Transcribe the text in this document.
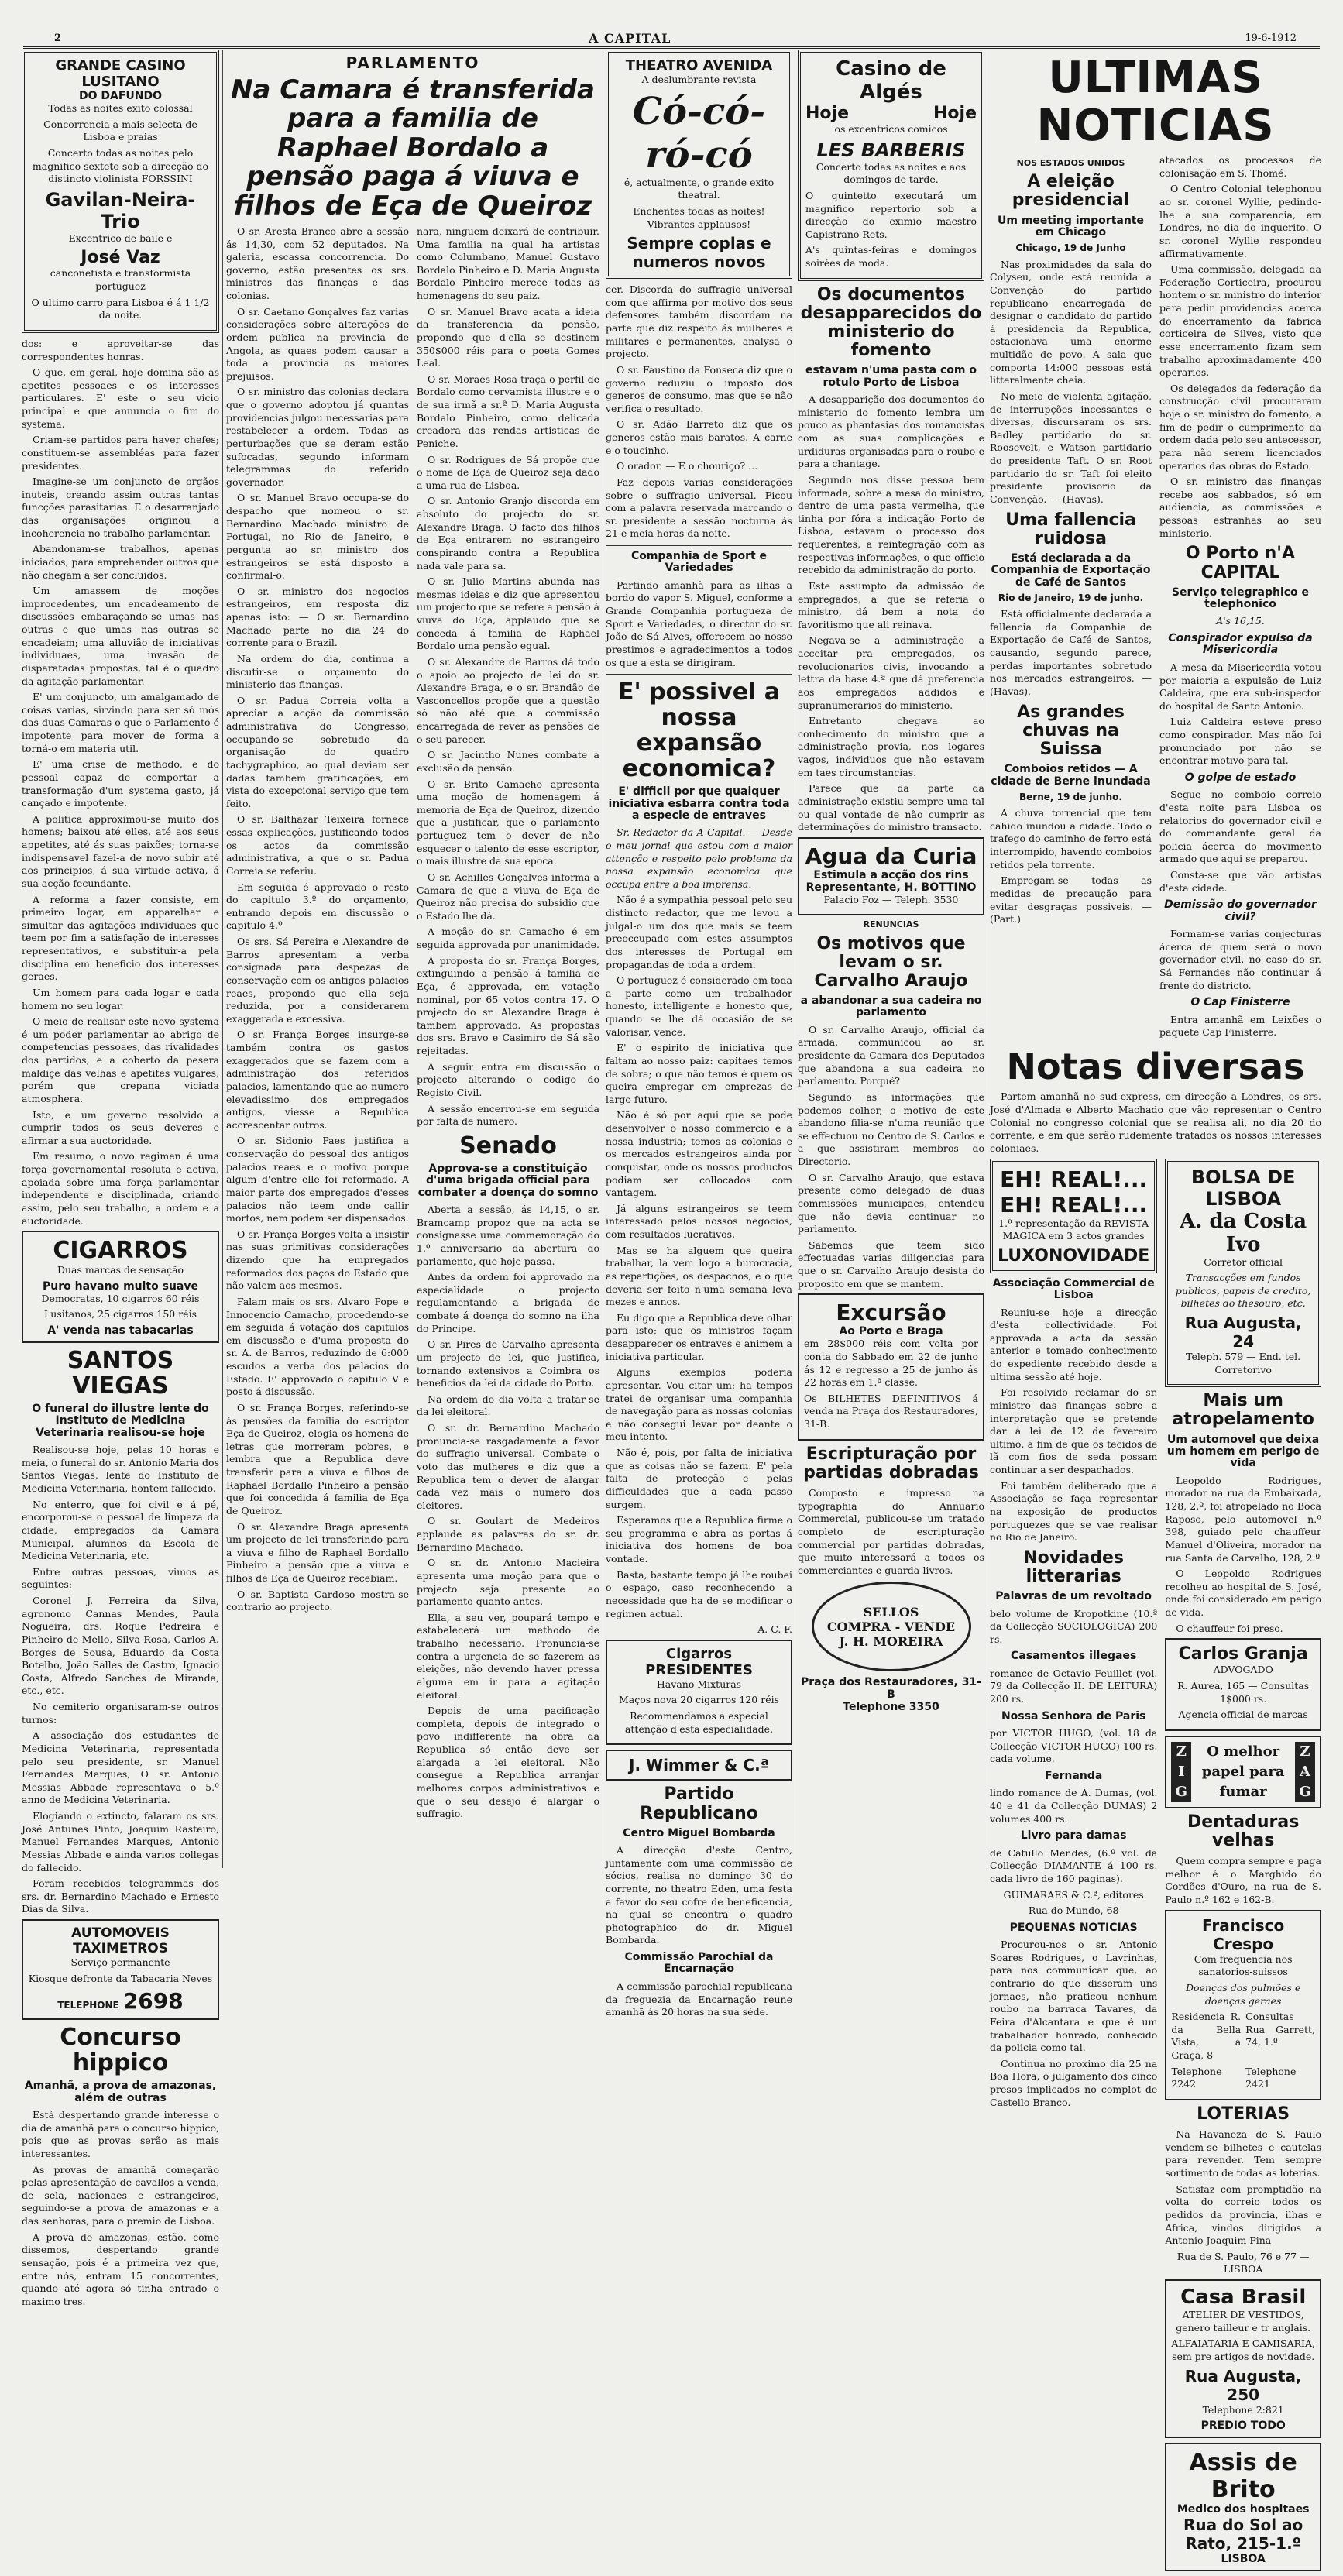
2	A CAPITAL	19-6-1912
GRANDE CASINO LUSITANO
DO DAFUNDO
Todas as noites exito colossal
Concorrencia a mais selecta de Lisboa e praias
Concerto todas as noites pelo magnifico sexteto sob a direcção do distincto violinista FORSSINI
Gavilan-Neira-Trio
Excentrico de baile e
José Vaz
canconetista e transformista portuguez
O ultimo carro para Lisboa é á 1 1/2 da noite.

dos: e aproveitar-se das correspondentes honras.

O que, em geral, hoje domina são as apetites pessoaes e os interesses particulares. E' este o seu vicio principal e que annuncia o fim do systema.

Criam-se partidos para haver chefes; constituem-se assembléas para fazer presidentes.

Imagine-se um conjuncto de orgãos inuteis, creando assim outras tantas funcções parasitarias. E o desarranjado das organisações originou a incoherencia no trabalho parlamentar.

Abandonam-se trabalhos, apenas iniciados, para emprehender outros que não chegam a ser concluidos.

Um amassem de moções improcedentes, um encadeamento de discussões embaraçando-se umas nas outras e que umas nas outras se encadeiam; uma alluvião de iniciativas individuaes, uma invasão de disparatadas propostas, tal é o quadro da agitação parlamentar.

E' um conjuncto, um amalgamado de coisas varias, sirvindo para ser só mós das duas Camaras o que o Parlamento é impotente para mover de forma a torná-o em materia util.

E' uma crise de methodo, e do pessoal capaz de comportar a transformação d'um systema gasto, já cançado e impotente.

A politica approximou-se muito dos homens; baixou até elles, até aos seus appetites, até ás suas paixões; torna-se indispensavel fazel-a de novo subir até aos principios, á sua virtude activa, á sua acção fecundante.

A reforma a fazer consiste, em primeiro logar, em apparelhar e simultar das agitações individuaes que teem por fim a satisfação de interesses representativos, e substituir-a pela disciplina em beneficio dos interesses geraes.

Um homem para cada logar e cada homem no seu logar.

O meio de realisar este novo systema é um poder parlamentar ao abrigo de competencias pessoaes, das rivalidades dos partidos, e a coberto da pesera maldiçe das velhas e apetites vulgares, porém que crepana viciada atmosphera.

Isto, e um governo resolvido a cumprir todos os seus deveres e afirmar a sua auctoridade.

Em resumo, o novo regimen é uma força governamental resoluta e activa, apoiada sobre uma força parlamentar independente e disciplinada, criando assim, pelo seu trabalho, a ordem e a auctoridade.

CIGARROS
Duas marcas de sensação
Puro havano muito suave
Democratas, 10 cigarros 60 réis
Lusitanos, 25 cigarros 150 réis
A' venda nas tabacarias
SANTOS VIEGAS
O funeral do illustre lente do Instituto de Medicina Veterinaria realisou-se hoje

Realisou-se hoje, pelas 10 horas e meia, o funeral do sr. Antonio Maria dos Santos Viegas, lente do Instituto de Medicina Veterinaria, hontem fallecido.

No enterro, que foi civil e á pé, encorporou-se o pessoal de limpeza da cidade, empregados da Camara Municipal, alumnos da Escola de Medicina Veterinaria, etc.

Entre outras pessoas, vimos as seguintes:

Coronel J. Ferreira da Silva, agronomo Cannas Mendes, Paula Nogueira, drs. Roque Pedreira e Pinheiro de Mello, Silva Rosa, Carlos A. Borges de Sousa, Eduardo da Costa Botelho, João Salles de Castro, Ignacio Costa, Alfredo Sanches de Miranda, etc., etc.

No cemiterio organisaram-se outros turnos:

A associação dos estudantes de Medicina Veterinaria, representada pelo seu presidente, sr. Manuel Fernandes Marques, O sr. Antonio Messias Abbade representava o 5.º anno de Medicina Veterinaria.

Elogiando o extincto, falaram os srs. José Antunes Pinto, Joaquim Rasteiro, Manuel Fernandes Marques, Antonio Messias Abbade e ainda varios collegas do fallecido.

Foram recebidos telegrammas dos srs. dr. Bernardino Machado e Ernesto Dias da Silva.

AUTOMOVEIS TAXIMETROS
Serviço permanente
Kiosque defronte da Tabacaria Neves
TELEPHONE 2698
Concurso hippico
Amanhã, a prova de amazonas, além de outras

Está despertando grande interesse o dia de amanhã para o concurso hippico, pois que as provas serão as mais interessantes.

As provas de amanhã começarão pelas apresentação de cavallos a venda, de sela, nacionaes e estrangeiros, seguindo-se a prova de amazonas e a das senhoras, para o premio de Lisboa.

A prova de amazonas, estão, como dissemos, despertando grande sensação, pois é a primeira vez que, entre nós, entram 15 concorrentes, quando até agora só tinha entrado o maximo tres.

PARLAMENTO
Na Camara é transferida para a familia de Raphael Bordalo a pensão paga á viuva e filhos de Eça de Queiroz

O sr. Aresta Branco abre a sessão ás 14,30, com 52 deputados. Na galeria, escassa concorrencia. Do governo, estão presentes os srs. ministros das finanças e das colonias.

O sr. Caetano Gonçalves faz varias considerações sobre alterações de ordem publica na provincia de Angola, as quaes podem causar a toda a provincia os maiores prejuisos.

O sr. ministro das colonias declara que o governo adoptou já quantas providencias julgou necessarias para restabelecer a ordem. Todas as perturbações que se deram estão sufocadas, segundo informam telegrammas do referido governador.

O sr. Manuel Bravo occupa-se do despacho que nomeou o sr. Bernardino Machado ministro de Portugal, no Rio de Janeiro, e pergunta ao sr. ministro dos estrangeiros se está disposto a confirmal-o.

O sr. ministro dos negocios estrangeiros, em resposta diz apenas isto: — O sr. Bernardino Machado parte no dia 24 do corrente para o Brazil.

Na ordem do dia, continua a discutir-se o orçamento do ministerio das finanças.

O sr. Padua Correia volta a apreciar a acção da commissão administrativa do Congresso, occupando-se sobretudo da organisação do quadro tachygraphico, ao qual deviam ser dadas tambem gratificações, em vista do excepcional serviço que tem feito.

O sr. Balthazar Teixeira fornece essas explicações, justificando todos os actos da commissão administrativa, a que o sr. Padua Correia se referiu.

Em seguida é approvado o resto do capitulo 3.º do orçamento, entrando depois em discussão o capitulo 4.º

Os srs. Sá Pereira e Alexandre de Barros apresentam a verba consignada para despezas de conservação com os antigos palacios reaes, propondo que ella seja reduzida, por a considerarem exaggerada e excessiva.

O sr. França Borges insurge-se também contra os gastos exaggerados que se fazem com a administração dos referidos palacios, lamentando que ao numero elevadissimo dos empregados antigos, viesse a Republica accrescentar outros.

O sr. Sidonio Paes justifica a conservação do pessoal dos antigos palacios reaes e o motivo porque algum d'entre elle foi reformado. A maior parte dos empregados d'esses palacios não teem onde callir mortos, nem podem ser dispensados.

O sr. França Borges volta a insistir nas suas primitivas considerações dizendo que ha empregados reformados dos paços do Estado que não valem aos mesmos.

Falam mais os srs. Alvaro Pope e Innocencio Camacho, procedendo-se em seguida á votação dos capitulos em discussão e d'uma proposta do sr. A. de Barros, reduzindo de 6:000 escudos a verba dos palacios do Estado. E' approvado o capitulo V e posto á discussão.

O sr. França Borges, referindo-se ás pensões da familia do escriptor Eça de Queiroz, elogia os homens de letras que morreram pobres, e lembra que a Republica deve transferir para a viuva e filhos de Raphael Bordallo Pinheiro a pensão que foi concedida á familia de Eça de Queiroz.

O sr. Alexandre Braga apresenta um projecto de lei transferindo para a viuva e filho de Raphael Bordallo Pinheiro a pensão que a viuva e filhos de Eça de Queiroz recebiam.

O sr. Baptista Cardoso mostra-se contrario ao projecto.

nara, ninguem deixará de contribuir. Uma familia na qual ha artistas como Columbano, Manuel Gustavo Bordalo Pinheiro e D. Maria Augusta Bordalo Pinheiro merece todas as homenagens do seu paiz.

O sr. Manuel Bravo acata a ideia da transferencia da pensão, propondo que d'ella se destinem 350$000 réis para o poeta Gomes Leal.

O sr. Moraes Rosa traça o perfil de Bordalo como cervamista illustre e o de sua irmã a sr.ª D. Maria Augusta Bordalo Pinheiro, como delicada creadora das rendas artisticas de Peniche.

O sr. Rodrigues de Sá propõe que o nome de Eça de Queiroz seja dado a uma rua de Lisboa.

O sr. Antonio Granjo discorda em absoluto do projecto do sr. Alexandre Braga. O facto dos filhos de Eça entrarem no estrangeiro conspirando contra a Republica nada vale para sa.

O sr. Julio Martins abunda nas mesmas ideias e diz que apresentou um projecto que se refere a pensão á viuva do Eça, applaudo que se conceda á familia de Raphael Bordalo uma pensão egual.

O sr. Alexandre de Barros dá todo o apoio ao projecto de lei do sr. Alexandre Braga, e o sr. Brandão de Vasconcellos propõe que a questão só não até que a commissão encarregada de rever as pensões de o seu parecer.

O sr. Jacintho Nunes combate a exclusão da pensão.

O sr. Brito Camacho apresenta uma moção de homenagem á memoria de Eça de Queiroz, dizendo que a justificar, que o parlamento portuguez tem o dever de não esquecer o talento de esse escriptor, o mais illustre da sua epoca.

O sr. Achilles Gonçalves informa a Camara de que a viuva de Eça de Queiroz não precisa do subsidio que o Estado lhe dá.

A moção do sr. Camacho é em seguida approvada por unanimidade.

A proposta do sr. França Borges, extinguindo a pensão á familia de Eça, é approvada, em votação nominal, por 65 votos contra 17. O projecto do sr. Alexandre Braga é tambem approvado. As propostas dos srs. Bravo e Casimiro de Sá são rejeitadas.

A seguir entra em discussão o projecto alterando o codigo do Registo Civil.

A sessão encerrou-se em seguida por falta de numero.

Senado
Approva-se a constituição d'uma brigada official para combater a doença do somno

Aberta a sessão, ás 14,15, o sr. Bramcamp propoz que na acta se consignasse uma commemoração do 1.º anniversario da abertura do parlamento, que hoje passa.

Antes da ordem foi approvado na especialidade o projecto regulamentando a brigada de combate á doença do somno na ilha do Principe.

O sr. Pires de Carvalho apresenta um projecto de lei, que justifica, tornando extensivos a Coimbra os beneficios da lei da cidade do Porto.

Na ordem do dia volta a tratar-se da lei eleitoral.

O sr. dr. Bernardino Machado pronuncia-se rasgadamente a favor do suffragio universal. Combate o voto das mulheres e diz que a Republica tem o dever de alargar cada vez mais o numero dos eleitores.

O sr. Goulart de Medeiros applaude as palavras do sr. dr. Bernardino Machado.

O sr. dr. Antonio Macieira apresenta uma moção para que o projecto seja presente ao parlamento quanto antes.

Ella, a seu ver, poupará tempo e estabelecerá um methodo de trabalho necessario. Pronuncia-se contra a urgencia de se fazerem as eleições, não devendo haver pressa alguma em ir para a agitação eleitoral.

Depois de uma pacificação completa, depois de integrado o povo indifferente na obra da Republica só então deve ser alargada a lei eleitoral. Não consegue a Republica arranjar melhores corpos administrativos e que o seu desejo é alargar o suffragio.

THEATRO AVENIDA
A deslumbrante revista
Có-có-ró-có
é, actualmente, o grande exito theatral.
Enchentes todas as noites! Vibrantes applausos!
Sempre coplas e numeros novos

cer. Discorda do suffragio universal com que affirma por motivo dos seus defensores também discordam na parte que diz respeito ás mulheres e militares e permanentes, analysa o projecto.

O sr. Faustino da Fonseca diz que o governo reduziu o imposto dos generos de consumo, mas que se não verifica o resultado.

O sr. Adão Barreto diz que os generos estão mais baratos. A carne e o toucinho.

O orador. — E o chouriço? ...

Faz depois varias considerações sobre o suffragio universal. Ficou com a palavra reservada marcando o sr. presidente a sessão nocturna ás 21 e meia horas da noite.

Companhia de Sport e Variedades

Partindo amanhã para as ilhas a bordo do vapor S. Miguel, conforme a Grande Companhia portugueza de Sport e Variedades, o director do sr. João de Sá Alves, offerecem ao nosso prestimos e agradecimentos a todos os que a esta se dirigiram.

E' possivel a nossa expansão economica?
E' difficil por que qualquer iniciativa esbarra contra toda a especie de entraves

Sr. Redactor da A Capital. — Desde o meu jornal que estou com a maior attenção e respeito pelo problema da nossa expansão economica que occupa entre a boa imprensa.

Não é a sympathia pessoal pelo seu distincto redactor, que me levou a julgal-o um dos que mais se teem preoccupado com estes assumptos dos interesses de Portugal em propagandas de toda a ordem.

O portuguez é considerado em toda a parte como um trabalhador honesto, intelligente e honesto que, quando se lhe dá occasião de se valorisar, vence.

E' o espirito de iniciativa que faltam ao nosso paiz: capitaes temos de sobra; o que não temos é quem os queira empregar em emprezas de largo futuro.

Não é só por aqui que se pode desenvolver o nosso commercio e a nossa industria; temos as colonias e os mercados estrangeiros ainda por conquistar, onde os nossos productos podiam ser collocados com vantagem.

Já alguns estrangeiros se teem interessado pelos nossos negocios, com resultados lucrativos.

Mas se ha alguem que queira trabalhar, lá vem logo a burocracia, as repartições, os despachos, e o que deveria ser feito n'uma semana leva mezes e annos.

Eu digo que a Republica deve olhar para isto; que os ministros façam desapparecer os entraves e animem a iniciativa particular.

Alguns exemplos poderia apresentar. Vou citar um: ha tempos tratei de organisar uma companhia de navegação para as nossas colonias e não consegui levar por deante o meu intento.

Não é, pois, por falta de iniciativa que as coisas não se fazem. E' pela falta de protecção e pelas difficuldades que a cada passo surgem.

Esperamos que a Republica firme o seu programma e abra as portas á iniciativa dos homens de boa vontade.

Basta, bastante tempo já lhe roubei o espaço, caso reconhecendo a necessidade que ha de se modificar o regimen actual.

A. C. F.

Cigarros PRESIDENTES
Havano Mixturas
Maços nova 20 cigarros 120 réis
Recommendamos a especial attenção d'esta especialidade.
J. Wimmer & C.ª
Partido Republicano
Centro Miguel Bombarda

A direcção d'este Centro, juntamente com uma commissão de sócios, realisa no domingo 30 do corrente, no theatro Eden, uma festa a favor do seu cofre de beneficencia, na qual se encontra o quadro photographico do dr. Miguel Bombarda.

Commissão Parochial da Encarnação

A commissão parochial republicana da freguezia da Encarnação reune amanhã ás 20 horas na sua séde.

Casino de Algés
Hoje	Hoje
os excentricos comicos
LES BARBERIS
Concerto todas as noites e aos domingos de tarde.
O quintetto executará um magnifico repertorio sob a direcção do eximio maestro Capistrano Rets.
A's quintas-feiras e domingos soirées da moda.
Os documentos desapparecidos do ministerio do fomento
estavam n'uma pasta com o rotulo Porto de Lisboa

A desapparição dos documentos do ministerio do fomento lembra um pouco as phantasias dos romancistas com as suas complicações e urdiduras organisadas para o roubo e para a chantage.

Segundo nos disse pessoa bem informada, sobre a mesa do ministro, dentro de uma pasta vermelha, que tinha por fóra a indicação Porto de Lisboa, estavam o processo dos requerentes, a reintegração com as respectivas informações, o que officio recebido da administração do porto.

Este assumpto da admissão de empregados, a que se referia o ministro, dá bem a nota do favoritismo que ali reinava.

Negava-se a administração a acceitar pra empregados, os revolucionarios civis, invocando a lettra da base 4.ª que dá preferencia aos empregados addidos e supranumerarios do ministerio.

Entretanto chegava ao conhecimento do ministro que a administração provia, nos logares vagos, individuos que não estavam em taes circumstancias.

Parece que da parte da administração existiu sempre uma tal ou qual vontade de não cumprir as determinações do ministro transacto.

Agua da Curia
Estimula a acção dos rins
Representante, H. BOTTINO
Palacio Foz — Teleph. 3530
RENUNCIAS
Os motivos que levam o sr. Carvalho Araujo
a abandonar a sua cadeira no parlamento

O sr. Carvalho Araujo, official da armada, communicou ao sr. presidente da Camara dos Deputados que abandona a sua cadeira no parlamento. Porquê?

Segundo as informações que podemos colher, o motivo de este abandono filia-se n'uma reunião que se effectuou no Centro de S. Carlos e a que assistiram membros do Directorio.

O sr. Carvalho Araujo, que estava presente como delegado de duas commissões municipaes, entendeu que não devia continuar no parlamento.

Sabemos que teem sido effectuadas varias diligencias para que o sr. Carvalho Araujo desista do proposito em que se mantem.

Excursão
Ao Porto e Braga
em 28$000 réis com volta por conta do Sabbado em 22 de junho ás 12 e regresso a 25 de junho ás 22 horas em 1.ª classe.
Os BILHETES DEFINITIVOS á venda na Praça dos Restauradores, 31-B.
Escripturação por partidas dobradas

Composto e impresso na typographia do Annuario Commercial, publicou-se um tratado completo de escripturação commercial por partidas dobradas, que muito interessará a todos os commerciantes e guarda-livros.

SELLOS
COMPRA - VENDE
J. H. MOREIRA
Praça dos Restauradores, 31-B
Telephone 3350
ULTIMAS NOTICIAS
NOS ESTADOS UNIDOS
A eleição presidencial
Um meeting importante em Chicago
Chicago, 19 de Junho

Nas proximidades da sala do Colyseu, onde está reunida a Convenção do partido republicano encarregada de designar o candidato do partido á presidencia da Republica, estacionava uma enorme multidão de povo. A sala que comporta 14:000 pessoas está litteralmente cheia.

No meio de violenta agitação, de interrupções incessantes e diversas, discursaram os srs. Badley partidario do sr. Roosevelt, e Watson partidario do presidente Taft. O sr. Root partidario do sr. Taft foi eleito presidente provisorio da Convenção. — (Havas).

Uma fallencia ruidosa
Está declarada a da Companhia de Exportação de Café de Santos
Rio de Janeiro, 19 de junho.

Está officialmente declarada a fallencia da Companhia de Exportação de Café de Santos, causando, segundo parece, perdas importantes sobretudo nos mercados estrangeiros. — (Havas).

As grandes chuvas na Suissa
Comboios retidos — A cidade de Berne inundada
Berne, 19 de junho.

A chuva torrencial que tem cahido inundou a cidade. Todo o trafego do caminho de ferro está interrompido, havendo comboios retidos pela torrente.

Empregam-se todas as medidas de precaução para evitar desgraças possiveis. — (Part.)

atacados os processos de colonisação em S. Thomé.

O Centro Colonial telephonou ao sr. coronel Wyllie, pedindo-lhe a sua comparencia, em Londres, no dia do inquerito. O sr. coronel Wyllie respondeu affirmativamente.

Uma commissão, delegada da Federação Corticeira, procurou hontem o sr. ministro do interior para pedir providencias acerca do encerramento da fabrica corticeira de Silves, visto que esse encerramento fizam sem trabalho aproximadamente 400 operarios.

Os delegados da federação da construcção civil procuraram hoje o sr. ministro do fomento, a fim de pedir o cumprimento da ordem dada pelo seu antecessor, para não serem licenciados operarios das obras do Estado.

O sr. ministro das finanças recebe aos sabbados, só em audiencia, as commissões e pessoas estranhas ao seu ministerio.

O Porto n'A CAPITAL
Serviço telegraphico e telephonico
A's 16,15.
Conspirador expulso da Misericordia

A mesa da Misericordia votou por maioria a expulsão de Luiz Caldeira, que era sub-inspector do hospital de Santo Antonio.

Luiz Caldeira esteve preso como conspirador. Mas não foi pronunciado por não se encontrar motivo para tal.

O golpe de estado

Segue no comboio correio d'esta noite para Lisboa os relatorios do governador civil e do commandante geral da policia ácerca do movimento armado que aqui se preparou.

Consta-se que vão artistas d'esta cidade.

Demissão do governador civil?

Formam-se varias conjecturas ácerca de quem será o novo governador civil, no caso do sr. Sá Fernandes não continuar á frente do districto.

O Cap Finisterre

Entra amanhã em Leixões o paquete Cap Finisterre.

Notas diversas

Partem amanhã no sud-express, em direcção a Londres, os srs. José d'Almada e Alberto Machado que vão representar o Centro Colonial no congresso colonial que se realisa ali, no dia 20 do corrente, e em que serão rudemente tratados os nossos interesses coloniaes.

EH! REAL!...
EH! REAL!...
1.ª representação da REVISTA MAGICA em 3 actos grandes
LUXO NOVIDADE
Associação Commercial de Lisboa

Reuniu-se hoje a direcção d'esta collectividade. Foi approvada a acta da sessão anterior e tomado conhecimento do expediente recebido desde a ultima sessão até hoje.

Foi resolvido reclamar do sr. ministro das finanças sobre a interpretação que se pretende dar á lei de 12 de fevereiro ultimo, a fim de que os tecidos de lã com fios de seda possam continuar a ser despachados.

Foi também deliberado que a Associação se faça representar na exposição de productos portuguezes que se vae realisar no Rio de Janeiro.

Novidades litterarias
Palavras de um revoltado

belo volume de Kropotkine (10.ª da Collecção SOCIOLOGICA) 200 rs.

Casamentos illegaes

romance de Octavio Feuillet (vol. 79 da Collecção II. DE LEITURA) 200 rs.

Nossa Senhora de Paris

por VICTOR HUGO, (vol. 18 da Collecção VICTOR HUGO) 100 rs. cada volume.

Fernanda

lindo romance de A. Dumas, (vol. 40 e 41 da Collecção DUMAS) 2 volumes 400 rs.

Livro para damas

de Catullo Mendes, (6.º vol. da Collecção DIAMANTE á 100 rs. cada livro de 160 paginas).

GUIMARAES & C.ª, editores
Rua do Mundo, 68
PEQUENAS NOTICIAS

Procurou-nos o sr. Antonio Soares Rodrigues, o Lavrinhas, para nos communicar que, ao contrario do que disseram uns jornaes, não praticou nenhum roubo na barraca Tavares, da Feira d'Alcantara e que é um trabalhador honrado, conhecido da policia como tal.

Continua no proximo dia 25 na Boa Hora, o julgamento dos cinco presos implicados no complot de Castello Branco.

BOLSA DE LISBOA
A. da Costa Ivo
Corretor official
Transacções em fundos publicos, papeis de credito, bilhetes do thesouro, etc.
Rua Augusta, 24
Teleph. 579 — End. tel. Corretorivo
Mais um atropelamento
Um automovel que deixa um homem em perigo de vida

Leopoldo Rodrigues, morador na rua da Embaixada, 128, 2.º, foi atropelado no Boca Raposo, pelo automovel n.º 398, guiado pelo chauffeur Manuel d'Oliveira, morador na rua Santa de Carvalho, 128, 2.º

O Leopoldo Rodrigues recolheu ao hospital de S. José, onde foi considerado em perigo de vida.

O chauffeur foi preso.

Carlos Granja
ADVOGADO
R. Aurea, 165 — Consultas 1$000 rs.
Agencia official de marcas
Z	O melhor	Z
I	papel para	A
G fumar G
Dentaduras velhas

Quem compra sempre e paga melhor é o Marghido do Cordões d'Ouro, na rua de S. Paulo n.º 162 e 162-B.

Francisco Crespo
Com frequencia nos sanatorios-suissos
Doenças dos pulmões e doenças geraes
Residencia R. da Bella Vista, á Graça, 8
Consultas Rua Garrett, 74, 1.º
Telephone 2242
Telephone 2421
LOTERIAS

Na Havaneza de S. Paulo vendem-se bilhetes e cautelas para revender. Tem sempre sortimento de todas as loterias.

Satisfaz com promptidão na volta do correio todos os pedidos da provincia, ilhas e Africa, vindos dirigidos a Antonio Joaquim Pina

Rua de S. Paulo, 76 e 77 — LISBOA

Casa Brasil
ATELIER DE VESTIDOS, genero tailleur e tr anglais.
ALFAIATARIA E CAMISARIA, sem pre artigos de novidade.
Rua Augusta, 250
Telephone 2:821
PREDIO TODO
Assis de Brito
Medico dos hospitaes
Rua do Sol ao Rato, 215-1.º
LISBOA
